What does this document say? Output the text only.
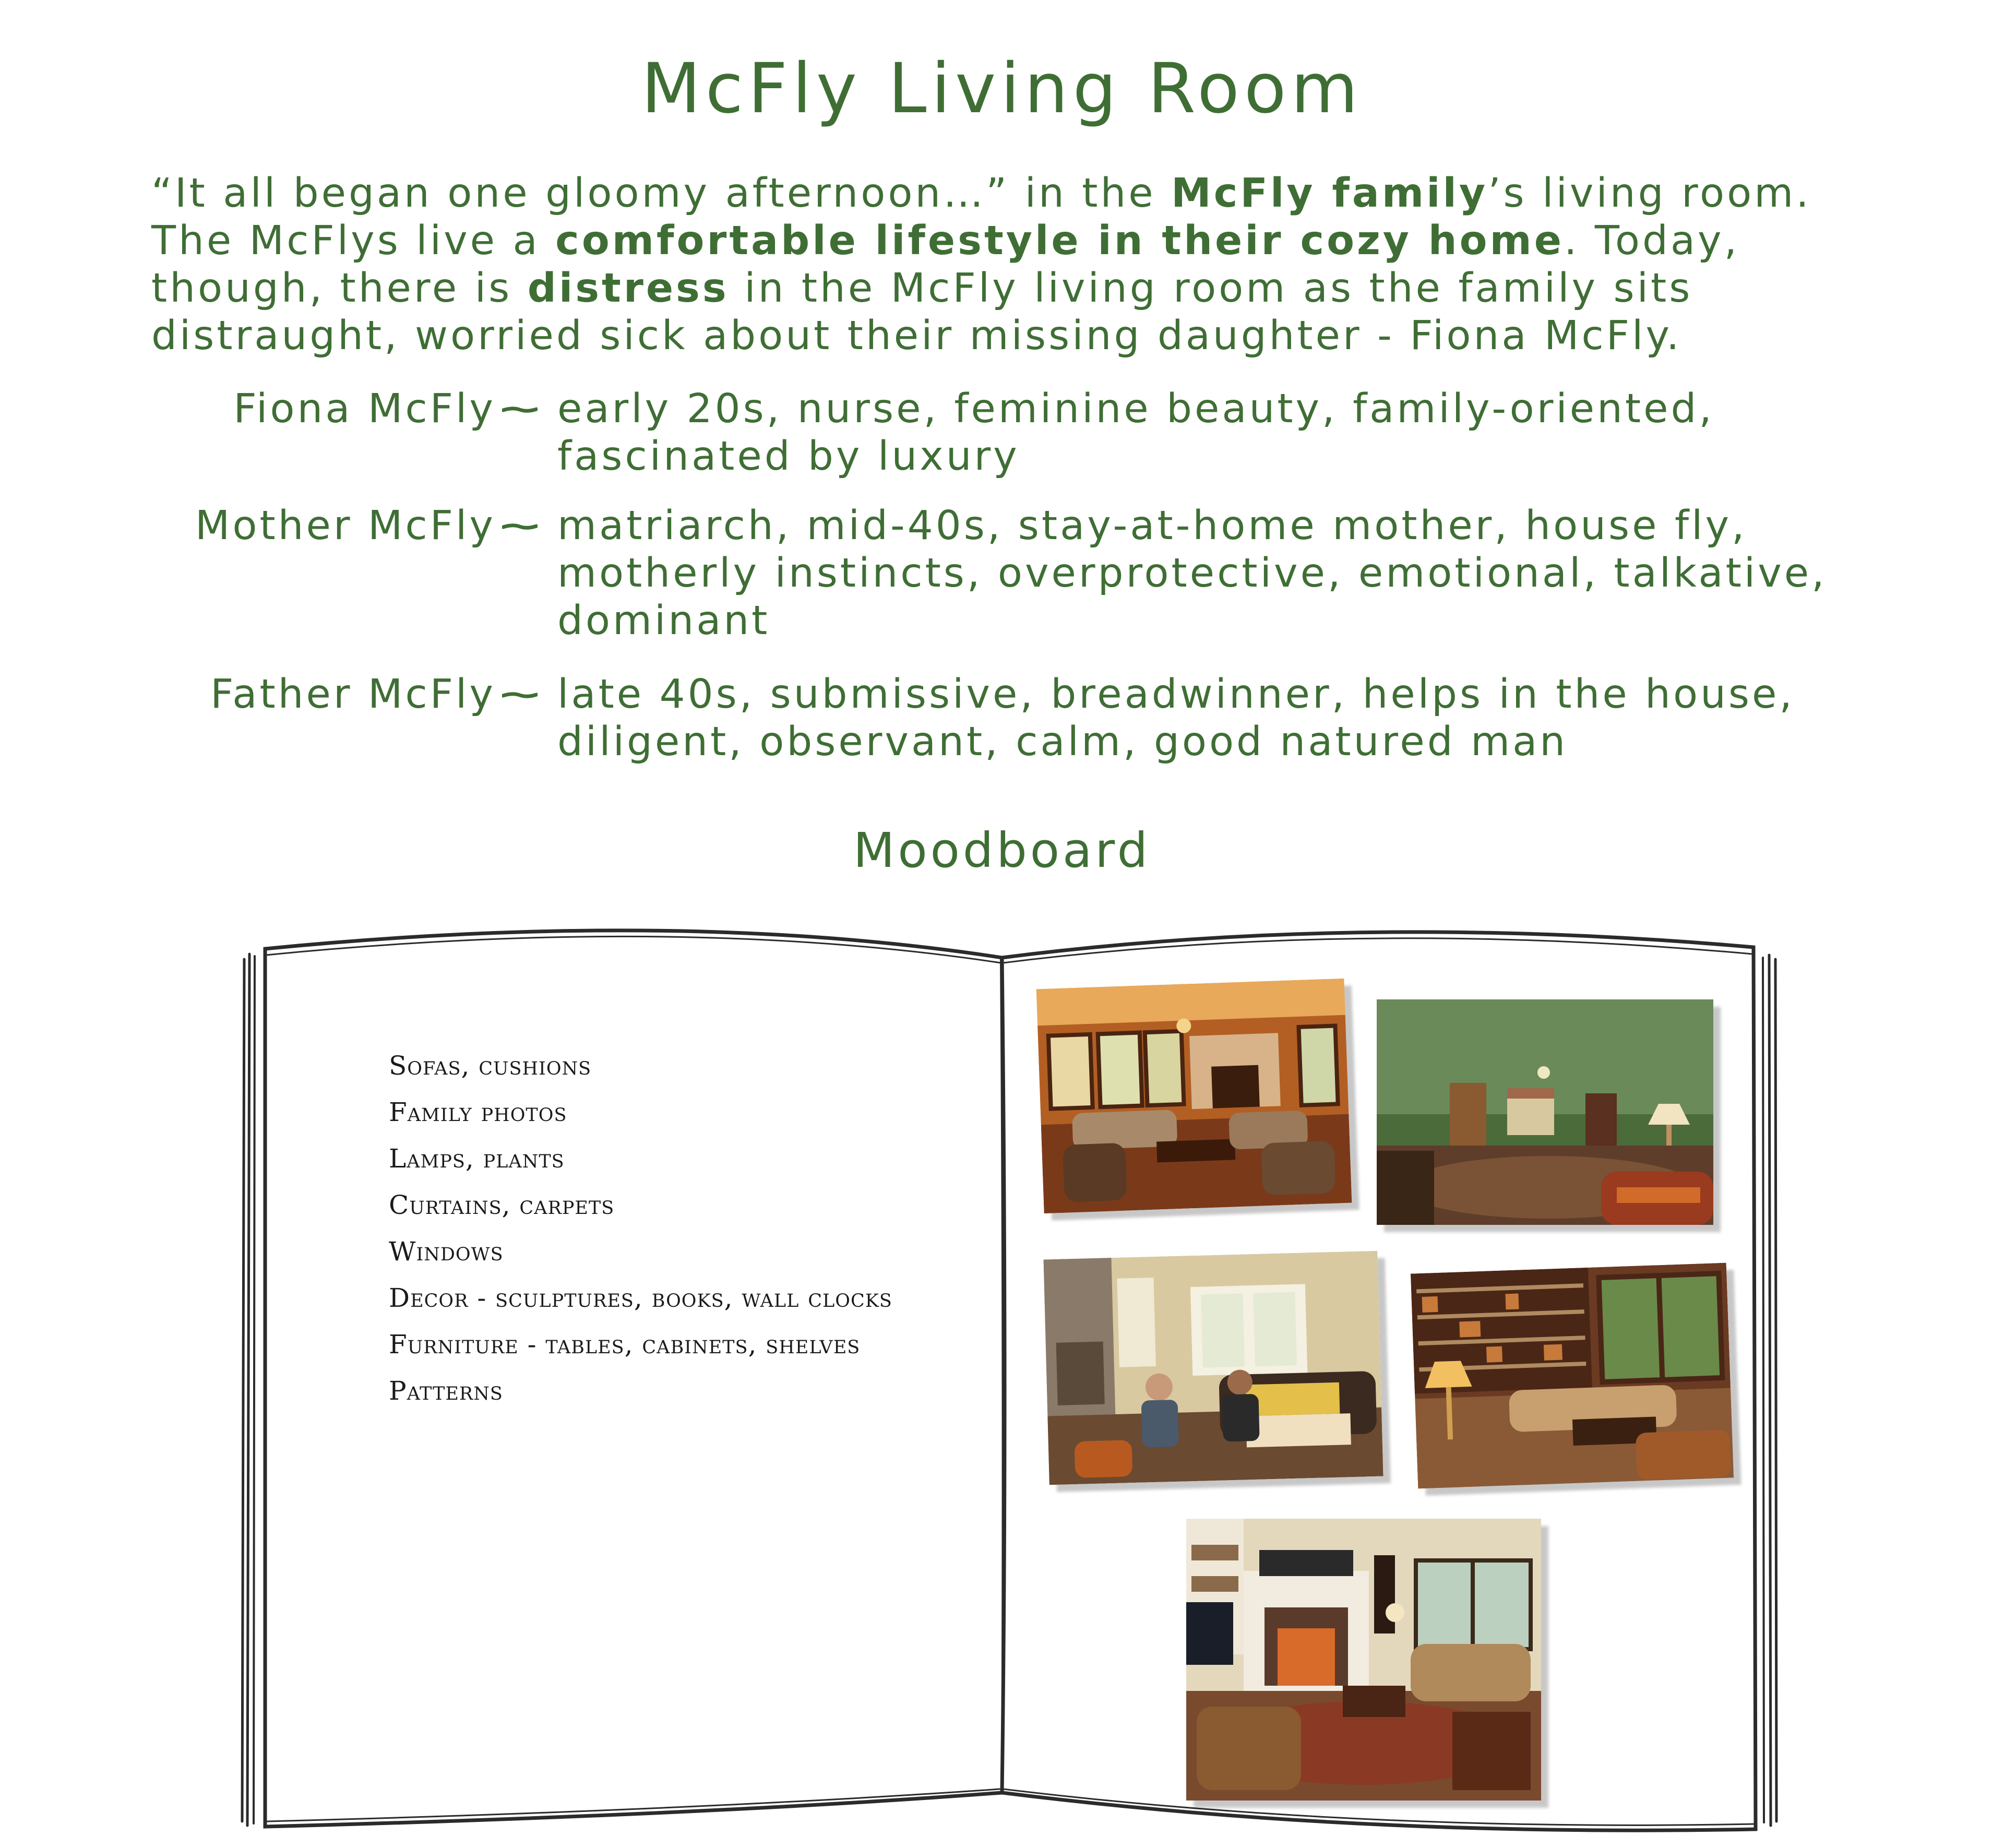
McFly Living Room

“It all began one gloomy afternoon…” in the McFly family’s living room. The McFlys live a comfortable lifestyle in their cozy home. Today, though, there is distress in the McFly living room as the family sits distraught, worried sick about their missing daughter - Fiona McFly.

Fiona McFly early 20s, nurse, feminine beauty, family-oriented, fascinated by luxury
Mother McFly matriarch, mid-40s, stay-at-home mother, house fly, motherly instincts, overprotective, emotional, talkative, dominant
Father McFly late 40s, submissive, breadwinner, helps in the house, diligent, observant, calm, good natured man
Moodboard
Sofas, cushions
Family photos
Lamps, plants
Curtains, carpets
Windows
Decor - sculptures, books, wall clocks
Furniture - tables, cabinets, shelves
Patterns
